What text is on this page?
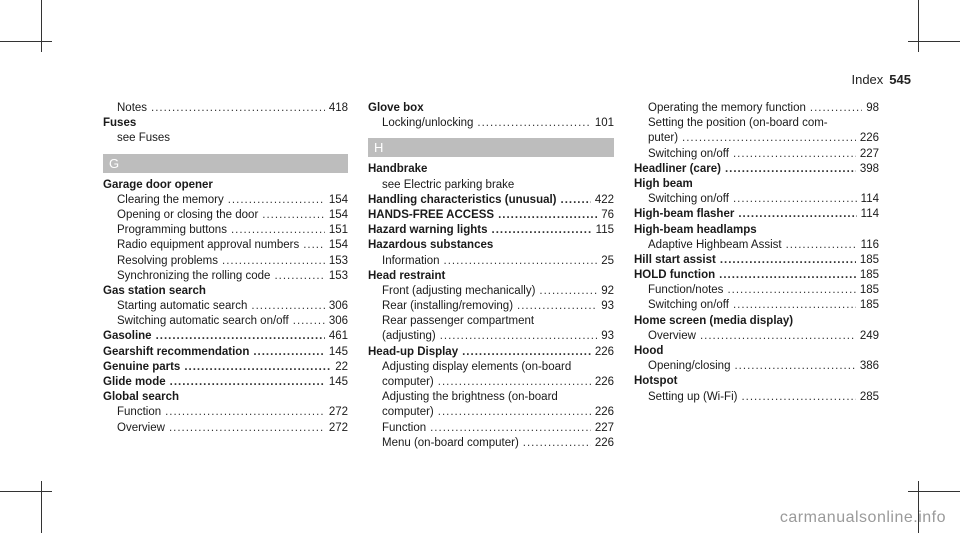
Index 545
Notes .....	418
Fuses
see Fuses
G
Garage door opener
Clearing the memory .....	154
Opening or closing the door .....	154
Programming buttons .....	151
Radio equipment approval numbers .....	154
Resolving problems .....	153
Synchronizing the rolling code .....	153
Gas station search
Starting automatic search .....	306
Switching automatic search on/off .....	306
Gasoline .....	461
Gearshift recommendation .....	145
Genuine parts .....	22
Glide mode .....	145
Global search
Function .....	272
Overview .....	272
Glove box
Locking/unlocking .....	101
H
Handbrake
see Electric parking brake
Handling characteristics (unusual) .....	422
HANDS-FREE ACCESS .....	76
Hazard warning lights .....	115
Hazardous substances
Information .....	25
Head restraint
Front (adjusting mechanically) .....	92
Rear (installing/removing) .....	93
Rear passenger compartment
(adjusting) .....	93
Head-up Display .....	226
Adjusting display elements (on-board
computer) .....	226
Adjusting the brightness (on-board
computer) .....	226
Function .....	227
Menu (on-board computer) .....	226
Operating the memory function .....	98
Setting the position (on-board com-
puter) .....	226
Switching on/off .....	227
Headliner (care) .....	398
High beam
Switching on/off .....	114
High-beam flasher .....	114
High-beam headlamps
Adaptive Highbeam Assist .....	116
Hill start assist .....	185
HOLD function .....	185
Function/notes .....	185
Switching on/off .....	185
Home screen (media display)
Overview .....	249
Hood
Opening/closing .....	386
Hotspot
Setting up (Wi-Fi) .....	285
carmanualsonline.info
